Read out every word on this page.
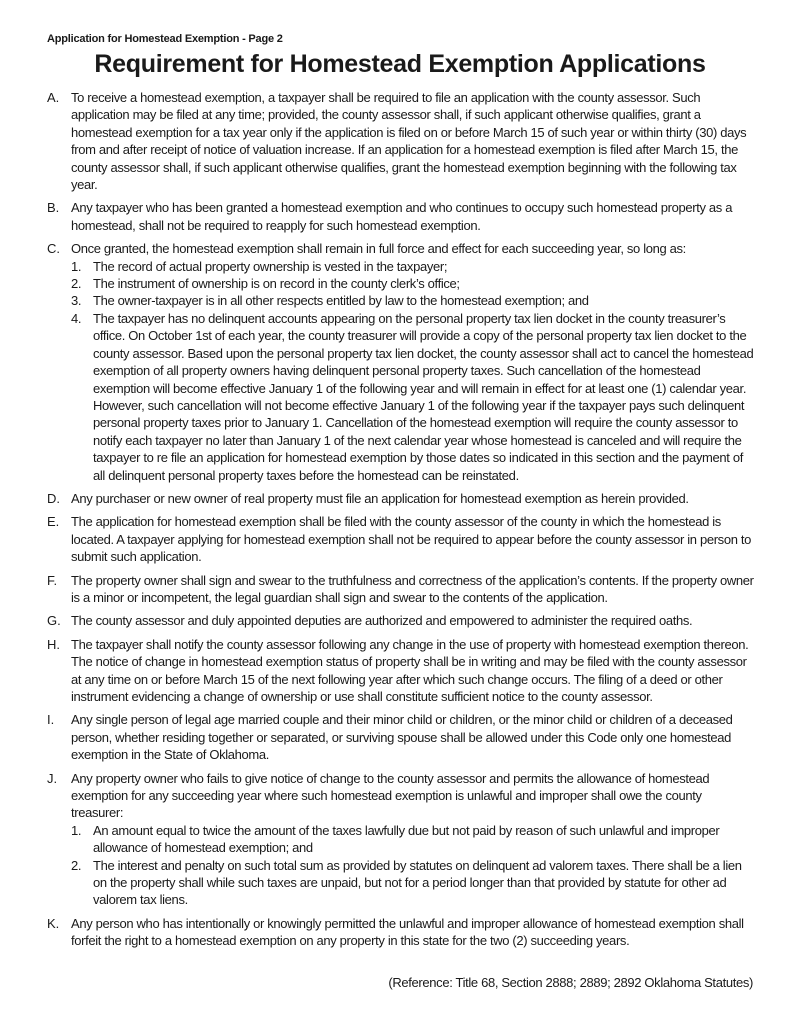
Application for Homestead Exemption - Page 2
Requirement for Homestead Exemption Applications
A. To receive a homestead exemption, a taxpayer shall be required to file an application with the county assessor. Such application may be filed at any time; provided, the county assessor shall, if such applicant otherwise qualifies, grant a homestead exemption for a tax year only if the application is filed on or before March 15 of such year or within thirty (30) days from and after receipt of notice of valuation increase. If an application for a homestead exemption is filed after March 15, the county assessor shall, if such applicant otherwise qualifies, grant the homestead exemption beginning with the following tax year.
B. Any taxpayer who has been granted a homestead exemption and who continues to occupy such homestead property as a homestead, shall not be required to reapply for such homestead exemption.
C. Once granted, the homestead exemption shall remain in full force and effect for each succeeding year, so long as:
1. The record of actual property ownership is vested in the taxpayer;
2. The instrument of ownership is on record in the county clerk’s office;
3. The owner-taxpayer is in all other respects entitled by law to the homestead exemption; and
4. The taxpayer has no delinquent accounts appearing on the personal property tax lien docket in the county treasurer’s office. On October 1st of each year, the county treasurer will provide a copy of the personal property tax lien docket to the county assessor. Based upon the personal property tax lien docket, the county assessor shall act to cancel the homestead exemption of all property owners having delinquent personal property taxes. Such cancellation of the homestead exemption will become effective January 1 of the following year and will remain in effect for at least one (1) calendar year. However, such cancellation will not become effective January 1 of the following year if the taxpayer pays such delinquent personal property taxes prior to January 1. Cancellation of the homestead exemption will require the county assessor to notify each taxpayer no later than January 1 of the next calendar year whose homestead is canceled and will require the taxpayer to re file an application for homestead exemption by those dates so indicated in this section and the payment of all delinquent personal property taxes before the homestead can be reinstated.
D. Any purchaser or new owner of real property must file an application for homestead exemption as herein provided.
E. The application for homestead exemption shall be filed with the county assessor of the county in which the homestead is located. A taxpayer applying for homestead exemption shall not be required to appear before the county assessor in person to submit such application.
F.	The property owner shall sign and swear to the truthfulness and correctness of the application’s contents. If the property owner is a minor or incompetent, the legal guardian shall sign and swear to the contents of the application.
G. The county assessor and duly appointed deputies are authorized and empowered to administer the required oaths.
H. The taxpayer shall notify the county assessor following any change in the use of property with homestead exemption thereon. The notice of change in homestead exemption status of property shall be in writing and may be filed with the county assessor at any time on or before March 15 of the next following year after which such change occurs. The filing of a deed or other instrument evidencing a change of ownership or use shall constitute sufficient notice to the county assessor.
I.	Any single person of legal age married couple and their minor child or children, or the minor child or children of a deceased person, whether residing together or separated, or surviving spouse shall be allowed under this Code only one homestead exemption in the State of Oklahoma.
J.	Any property owner who fails to give notice of change to the county assessor and permits the allowance of homestead exemption for any succeeding year where such homestead exemption is unlawful and improper shall owe the county treasurer:
1. An amount equal to twice the amount of the taxes lawfully due but not paid by reason of such unlawful and improper allowance of homestead exemption; and
2. The interest and penalty on such total sum as provided by statutes on delinquent ad valorem taxes. There shall be a lien on the property shall while such taxes are unpaid, but not for a period longer than that provided by statute for other ad valorem tax liens.
K. Any person who has intentionally or knowingly permitted the unlawful and improper allowance of homestead exemption shall forfeit the right to a homestead exemption on any property in this state for the two (2) succeeding years.
(Reference: Title 68, Section 2888; 2889; 2892 Oklahoma Statutes)
